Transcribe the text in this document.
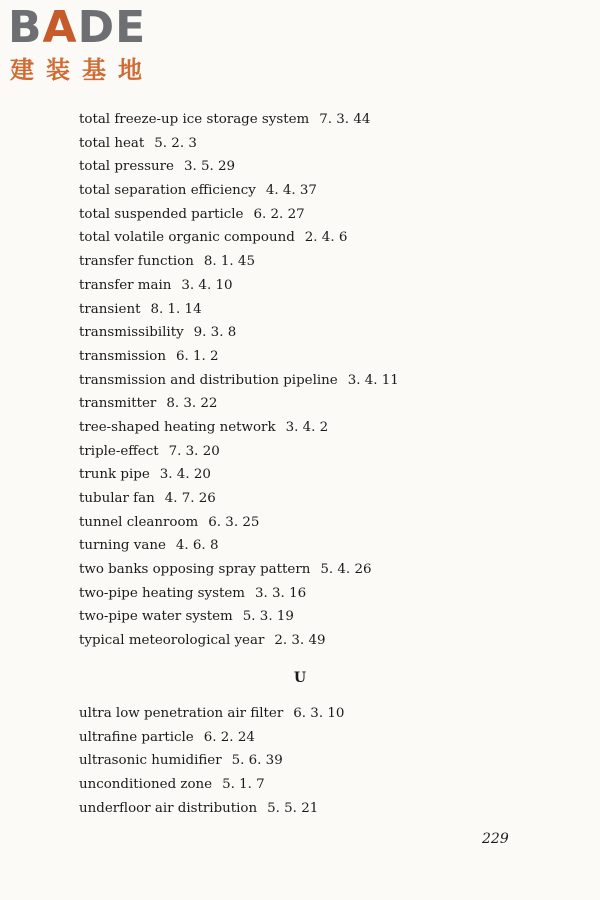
BADE
建装基地
total freeze-up ice storage system 7. 3. 44
total heat 5. 2. 3
total pressure 3. 5. 29
total separation efficiency 4. 4. 37
total suspended particle 6. 2. 27
total volatile organic compound 2. 4. 6
transfer function 8. 1. 45
transfer main 3. 4. 10
transient 8. 1. 14
transmissibility 9. 3. 8
transmission 6. 1. 2
transmission and distribution pipeline 3. 4. 11
transmitter 8. 3. 22
tree-shaped heating network 3. 4. 2
triple-effect 7. 3. 20
trunk pipe 3. 4. 20
tubular fan 4. 7. 26
tunnel cleanroom 6. 3. 25
turning vane 4. 6. 8
two banks opposing spray pattern 5. 4. 26
two-pipe heating system 3. 3. 16
two-pipe water system 5. 3. 19
typical meteorological year 2. 3. 49
U
ultra low penetration air filter 6. 3. 10
ultrafine particle 6. 2. 24
ultrasonic humidifier 5. 6. 39
unconditioned zone 5. 1. 7
underfloor air distribution 5. 5. 21
229
